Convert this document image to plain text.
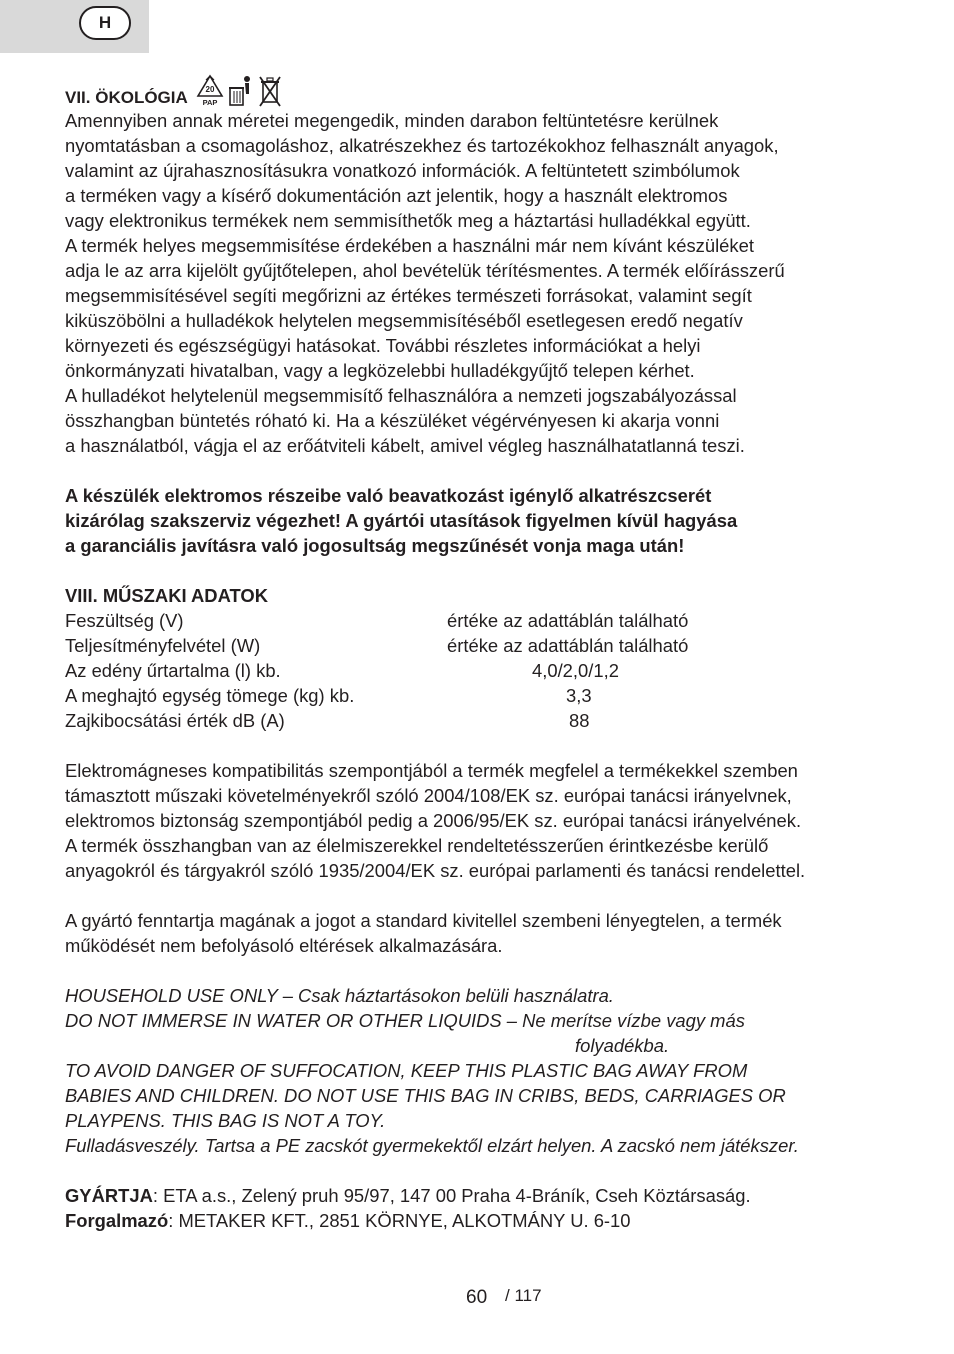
H
VII. ÖKOLÓGIA 20
PAP
Amennyiben annak méretei megengedik, minden darabon feltüntetésre kerülnek
nyomtatásban a csomagoláshoz, alkatrészekhez és tartozékokhoz felhasznált anyagok,
valamint az újrahasznosításukra vonatkozó információk. A feltüntetett szimbólumok
a terméken vagy a kísérő dokumentáción azt jelentik, hogy a használt elektromos
vagy elektronikus termékek nem semmisíthetők meg a háztartási hulladékkal együtt.
A termék helyes megsemmisítése érdekében a használni már nem kívánt készüléket
adja le az arra kijelölt gyűjtőtelepen, ahol bevételük térítésmentes. A termék előírásszerű
megsemmisítésével segíti megőrizni az értékes természeti forrásokat, valamint segít
kiküszöbölni a hulladékok helytelen megsemmisítéséből esetlegesen eredő negatív
környezeti és egészségügyi hatásokat. További részletes információkat a helyi
önkormányzati hivatalban, vagy a legközelebbi hulladékgyűjtő telepen kérhet.
A hulladékot helytelenül megsemmisítő felhasználóra a nemzeti jogszabályozással
összhangban büntetés róható ki. Ha a készüléket végérvényesen ki akarja vonni
a használatból, vágja el az erőátviteli kábelt, amivel végleg használhatatlanná teszi.
A készülék elektromos részeibe való beavatkozást igénylő alkatrészcserét
kizárólag szakszerviz végezhet! A gyártói utasítások figyelmen kívül hagyása
a garanciális javításra való jogosultság megszűnését vonja maga után!
VIII. MŰSZAKI ADATOK
Feszültség (V)	értéke az adattáblán található
Teljesítményfelvétel (W)	értéke az adattáblán található
Az edény űrtartalma (l) kb.	4,0/2,0/1,2
A meghajtó egység tömege (kg) kb.	3,3
Zajkibocsátási érték dB (A)	88
Elektromágneses kompatibilitás szempontjából a termék megfelel a termékekkel szemben
támasztott műszaki követelményekről szóló 2004/108/EK sz. európai tanácsi irányelvnek,
elektromos biztonság szempontjából pedig a 2006/95/EK sz. európai tanácsi irányelvének.
A termék összhangban van az élelmiszerekkel rendeltetésszerűen érintkezésbe kerülő
anyagokról és tárgyakról szóló 1935/2004/EK sz. európai parlamenti és tanácsi rendelettel.
A gyártó fenntartja magának a jogot a standard kivitellel szembeni lényegtelen, a termék
működését nem befolyásoló eltérések alkalmazására.
HOUSEHOLD USE ONLY – Csak háztartásokon belüli használatra.
DO NOT IMMERSE IN WATER OR OTHER LIQUIDS – Ne merítse vízbe vagy más
folyadékba.
TO AVOID DANGER OF SUFFOCATION, KEEP THIS PLASTIC BAG AWAY FROM
BABIES AND CHILDREN. DO NOT USE THIS BAG IN CRIBS, BEDS, CARRIAGES OR
PLAYPENS. THIS BAG IS NOT A TOY.
Fulladásveszély. Tartsa a PE zacskót gyermekektől elzárt helyen. A zacskó nem játékszer.
GYÁRTJA: ETA a.s., Zelený pruh 95/97, 147 00 Praha 4-Bráník, Cseh Köztársaság.
Forgalmazó: METAKER KFT., 2851 KÖRNYE, ALKOTMÁNY U. 6-10
60 / 117
